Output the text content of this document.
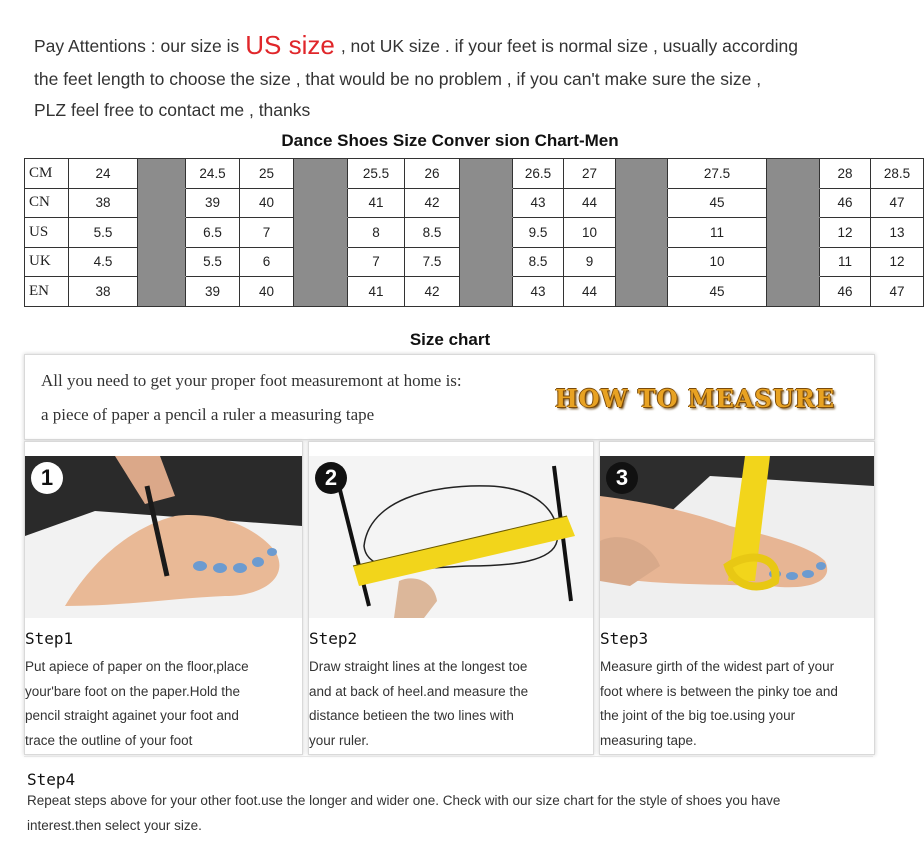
Pay Attentions : our size is US size , not UK size . if your feet is normal size , usually according
the feet length to choose the size , that would be no problem , if you can't make sure the size ,
PLZ feel free to contact me , thanks
Dance Shoes Size Conver sion Chart-Men
CM	24		24.5	25		25.5	26		26.5	27		27.5		28	28.5
CN	38		39	40		41	42		43	44		45		46	47
US	5.5		6.5	7		8	8.5		9.5	10		11		12	13
UK	4.5		5.5	6		7	7.5		8.5	9		10		11	12
EN	38		39	40		41	42		43	44		45		46	47
Size chart
All you need to get your proper foot measuremont at home is:
a piece of paper a pencil a ruler a measuring tape
HOW TO MEASURE
1
Step1
Put apiece of paper on the floor,place
your'bare foot on the paper.Hold the
pencil straight againet your foot and
trace the outline of your foot
2
Step2
Draw straight lines at the longest toe
and at back of heel.and measure the
distance betieen the two lines with
your ruler.
3
Step3
Measure girth of the widest part of your
foot where is between the pinky toe and
the joint of the big toe.using your
measuring tape.
Step4
Repeat steps above for your other foot.use the longer and wider one. Check with our size chart for the style of shoes you have
interest.then select your size.
